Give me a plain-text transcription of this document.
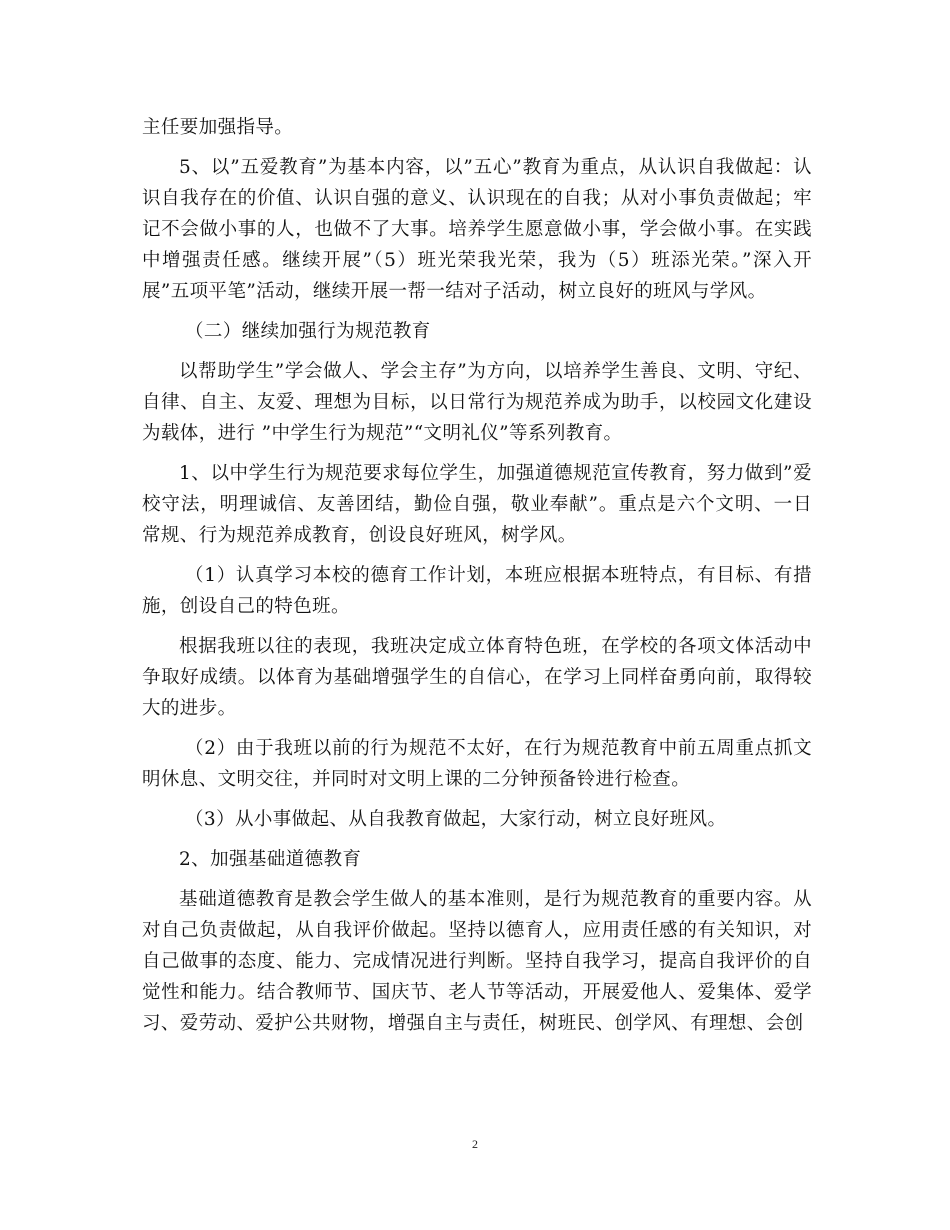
主任要加强指导。

5、以”五爱教育”为基本内容，以”五心”教育为重点，从认识自我做起：认识自我存在的价值、认识自强的意义、认识现在的自我；从对小事负责做起；牢记不会做小事的人，也做不了大事。培养学生愿意做小事，学会做小事。在实践中增强责任感。继续开展”（5）班光荣我光荣，我为（5）班添光荣。”深入开展”五项平笔”活动，继续开展一帮一结对子活动，树立良好的班风与学风。

（二）继续加强行为规范教育

以帮助学生”学会做人、学会主存”为方向，以培养学生善良、文明、守纪、自律、自主、友爱、理想为目标，以日常行为规范养成为助手，以校园文化建设为载体，进行 ”中学生行为规范”“文明礼仪”等系列教育。

1、以中学生行为规范要求每位学生，加强道德规范宣传教育，努力做到”爱校守法，明理诚信、友善团结，勤俭自强，敬业奉献”。重点是六个文明、一日常规、行为规范养成教育，创设良好班风，树学风。

（1）认真学习本校的德育工作计划，本班应根据本班特点，有目标、有措施，创设自己的特色班。

根据我班以往的表现，我班决定成立体育特色班，在学校的各项文体活动中争取好成绩。以体育为基础增强学生的自信心，在学习上同样奋勇向前，取得较大的进步。

（2）由于我班以前的行为规范不太好，在行为规范教育中前五周重点抓文明休息、文明交往，并同时对文明上课的二分钟预备铃进行检查。

（3）从小事做起、从自我教育做起，大家行动，树立良好班风。

2、加强基础道德教育

基础道德教育是教会学生做人的基本准则，是行为规范教育的重要内容。从对自己负责做起，从自我评价做起。坚持以德育人，应用责任感的有关知识，对自己做事的态度、能力、完成情况进行判断。坚持自我学习，提高自我评价的自觉性和能力。结合教师节、国庆节、老人节等活动，开展爱他人、爱集体、爱学习、爱劳动、爱护公共财物，增强自主与责任，树班民、创学风、有理想、会创

2
